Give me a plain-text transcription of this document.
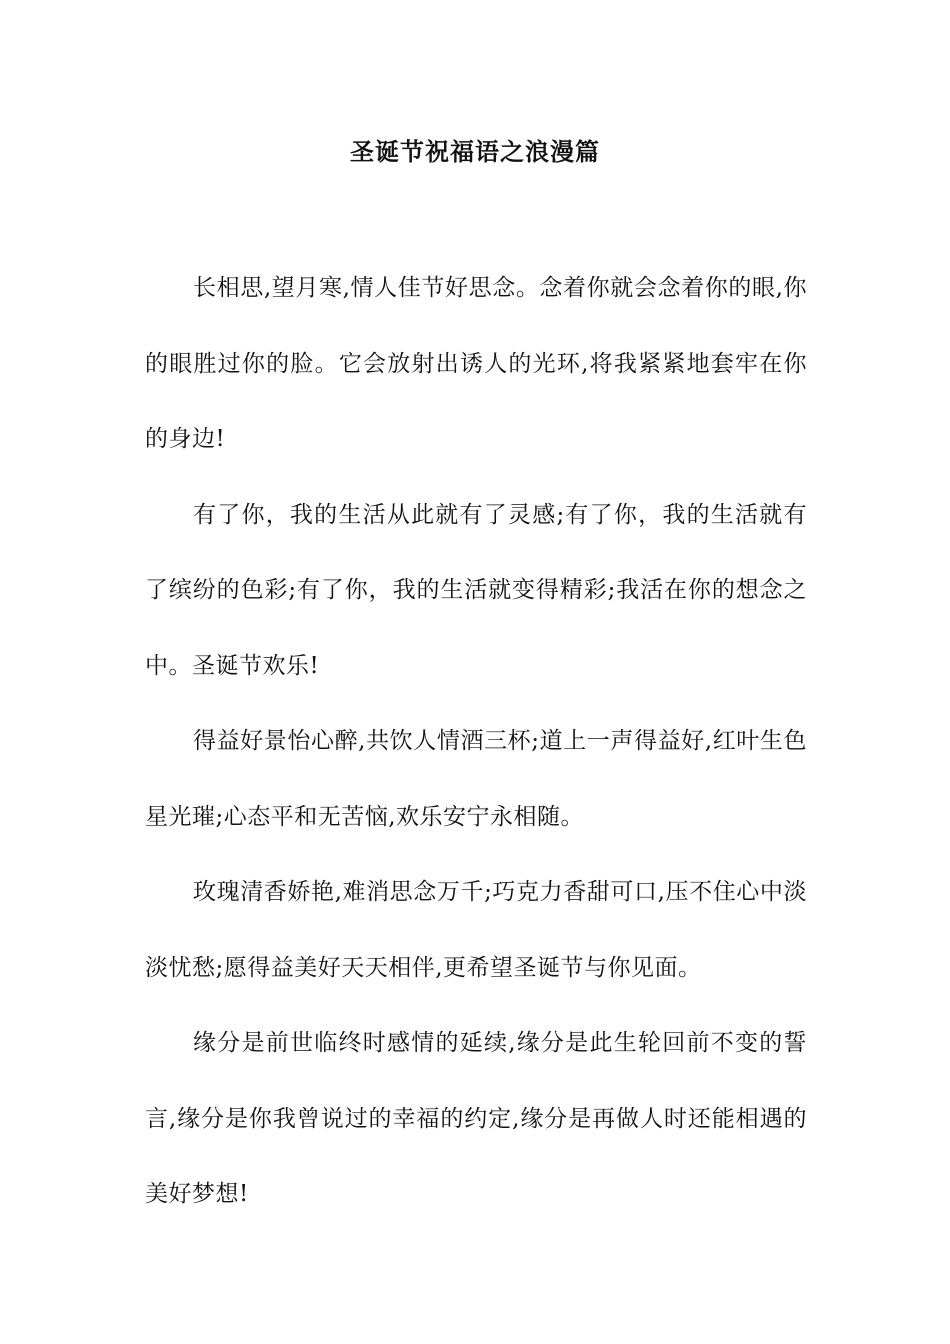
圣诞节祝福语之浪漫篇

长相思,望月寒,情人佳节好思念。念着你就会念着你的眼,你的眼胜过你的脸。它会放射出诱人的光环,将我紧紧地套牢在你的身边!

有了你，我的生活从此就有了灵感;有了你，我的生活就有了缤纷的色彩;有了你，我的生活就变得精彩;我活在你的想念之中。圣诞节欢乐!

得益好景怡心醉,共饮人情酒三杯;道上一声得益好,红叶生色星光璀;心态平和无苦恼,欢乐安宁永相随。

玫瑰清香娇艳,难消思念万千;巧克力香甜可口,压不住心中淡淡忧愁;愿得益美好天天相伴,更希望圣诞节与你见面。

缘分是前世临终时感情的延续,缘分是此生轮回前不变的誓言,缘分是你我曾说过的幸福的约定,缘分是再做人时还能相遇的美好梦想!
